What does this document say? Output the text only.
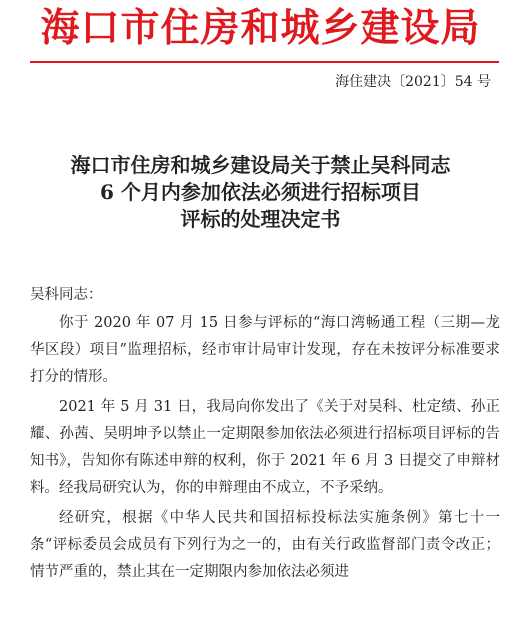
海口市住房和城乡建设局
海住建决〔2021〕54 号
海口市住房和城乡建设局关于禁止吴科同志
6 个月内参加依法必须进行招标项目
评标的处理决定书

吴科同志：

你于 2020 年 07 月 15 日参与评标的“海口湾畅通工程（三期—龙华区段）项目”监理招标，经市审计局审计发现，存在未按评分标准要求打分的情形。

2021 年 5 月 31 日，我局向你发出了《关于对吴科、杜定绩、孙正耀、孙茜、吴明坤予以禁止一定期限参加依法必须进行招标项目评标的告知书》，告知你有陈述申辩的权利，你于 2021 年 6 月 3 日提交了申辩材料。经我局研究认为，你的申辩理由不成立，不予采纳。

经研究，根据《中华人民共和国招标投标法实施条例》第七十一条“评标委员会成员有下列行为之一的，由有关行政监督部门责令改正；情节严重的，禁止其在一定期限内参加依法必须进
